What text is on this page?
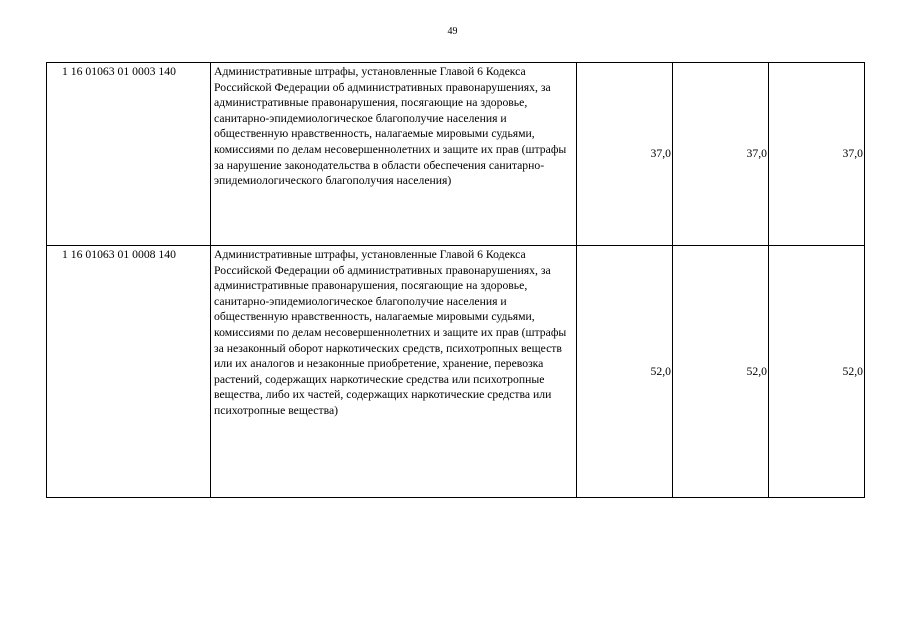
49
1 16 01063 01 0003 140	Административные штрафы, установленные Главой 6 Кодекса Российской Федерации об административных правонарушениях, за административные правонарушения, посягающие на здоровье, санитарно-эпидемиологическое благополучие населения и общественную нравственность, налагаемые мировыми судьями, комиссиями по делам несовершеннолетних и защите их прав (штрафы за нарушение законодательства в области обеспечения санитарно-эпидемиологического благополучия населения)	37,0	37,0	37,0
1 16 01063 01 0008 140	Административные штрафы, установленные Главой 6 Кодекса Российской Федерации об административных правонарушениях, за административные правонарушения, посягающие на здоровье, санитарно-эпидемиологическое благополучие населения и общественную нравственность, налагаемые мировыми судьями, комиссиями по делам несовершеннолетних и защите их прав (штрафы за незаконный оборот наркотических средств, психотропных веществ или их аналогов и незаконные приобретение, хранение, перевозка растений, содержащих наркотические средства или психотропные вещества, либо их частей, содержащих наркотические средства или психотропные вещества)	52,0	52,0	52,0
